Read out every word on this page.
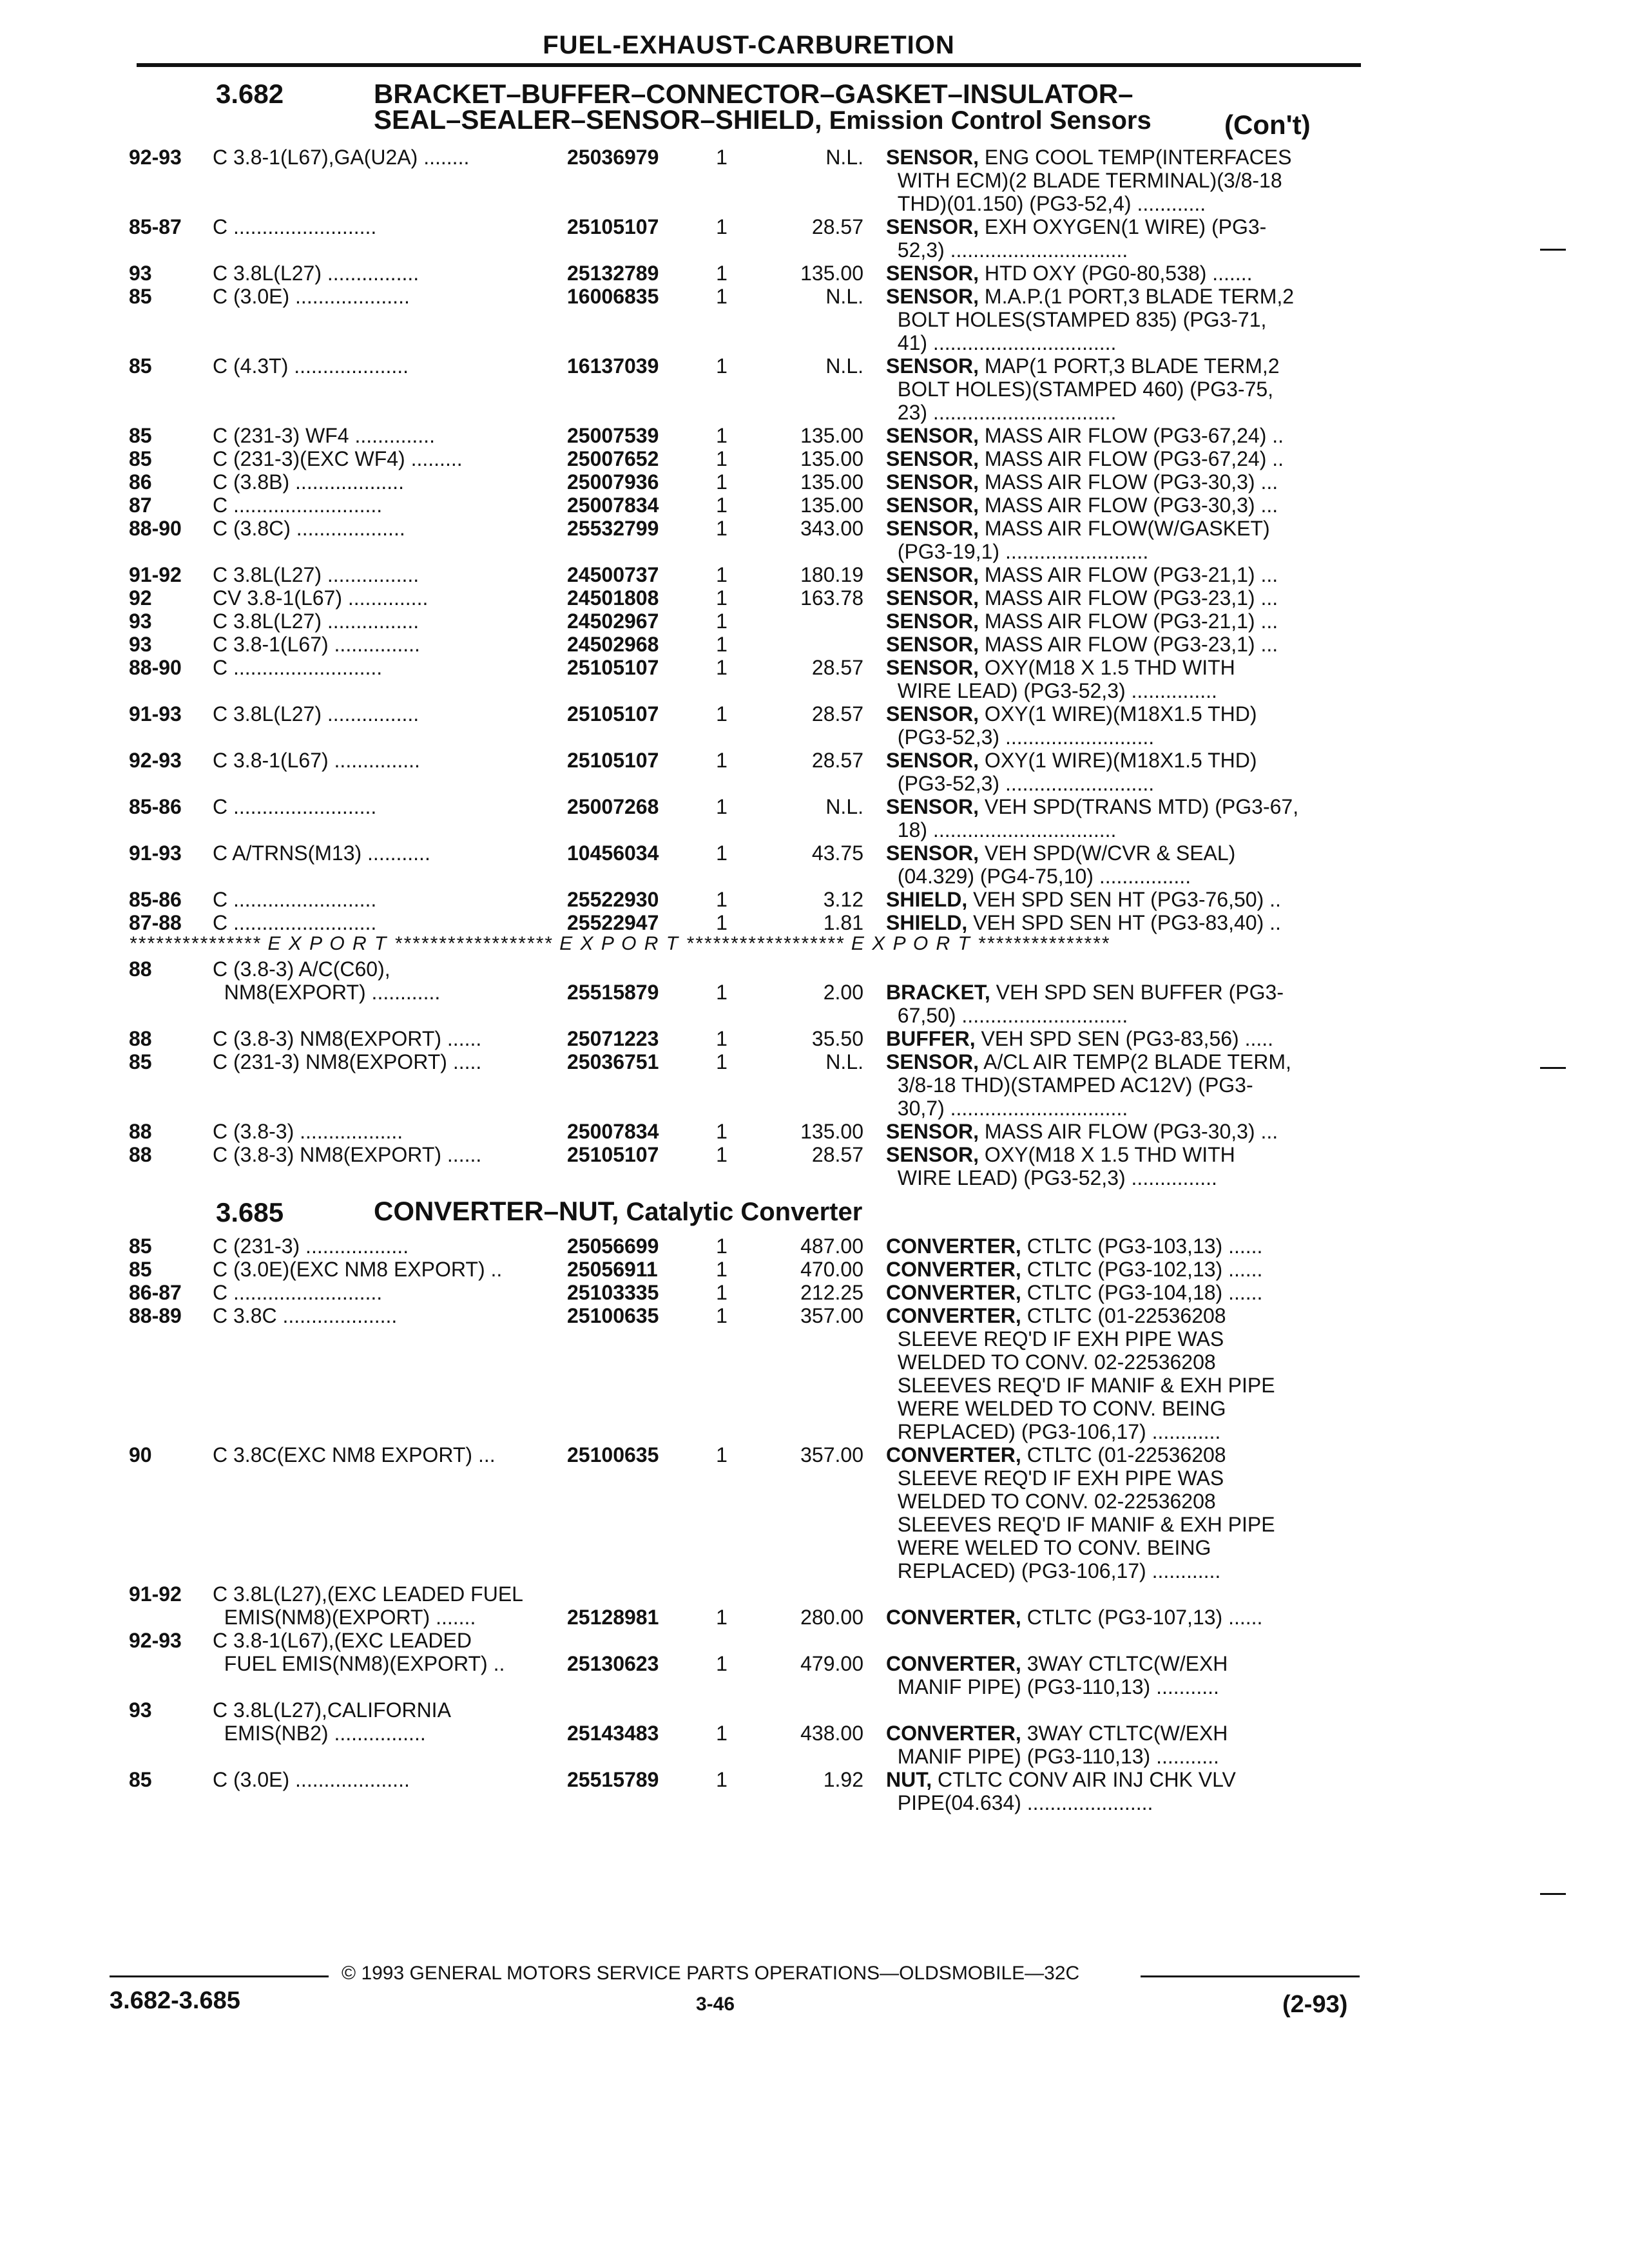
FUEL-EXHAUST-CARBURETION
3.682	BRACKET–BUFFER–CONNECTOR–GASKET–INSULATOR–
SEAL–SEALER–SENSOR–SHIELD, Emission Control Sensors	(Con't)
92-93	C 3.8-1(L67),GA(U2A) ........	25036979	1	N.L. SENSOR, ENG COOL TEMP(INTERFACES
WITH ECM)(2 BLADE TERMINAL)(3/8-18
THD)(01.150) (PG3-52,4) ............
85-87	C .........................	25105107	1	28.57 SENSOR, EXH OXYGEN(1 WIRE) (PG3-
52,3) ...............................
93	C 3.8L(L27) ................	25132789	1	135.00 SENSOR, HTD OXY (PG0-80,538) .......
85	C (3.0E) ....................	16006835	1	N.L. SENSOR, M.A.P.(1 PORT,3 BLADE TERM,2
BOLT HOLES(STAMPED 835) (PG3-71,
41) ................................
85	C (4.3T) ....................	16137039	1	N.L. SENSOR, MAP(1 PORT,3 BLADE TERM,2
BOLT HOLES)(STAMPED 460) (PG3-75,
23) ................................
85	C (231-3) WF4 ..............	25007539	1	135.00 SENSOR, MASS AIR FLOW (PG3-67,24) ..
85	C (231-3)(EXC WF4) .........	25007652	1	135.00 SENSOR, MASS AIR FLOW (PG3-67,24) ..
86	C (3.8B) ...................	25007936	1	135.00 SENSOR, MASS AIR FLOW (PG3-30,3) ...
87	C ..........................	25007834	1	135.00 SENSOR, MASS AIR FLOW (PG3-30,3) ...
88-90	C (3.8C) ...................	25532799	1	343.00 SENSOR, MASS AIR FLOW(W/GASKET)
(PG3-19,1) .........................
91-92	C 3.8L(L27) ................	24500737	1	180.19 SENSOR, MASS AIR FLOW (PG3-21,1) ...
92	CV 3.8-1(L67) ..............	24501808	1	163.78 SENSOR, MASS AIR FLOW (PG3-23,1) ...
93	C 3.8L(L27) ................	24502967	1	SENSOR, MASS AIR FLOW (PG3-21,1) ...
93	C 3.8-1(L67) ...............	24502968	1	SENSOR, MASS AIR FLOW (PG3-23,1) ...
88-90	C ..........................	25105107	1	28.57 SENSOR, OXY(M18 X 1.5 THD WITH
WIRE LEAD) (PG3-52,3) ...............
91-93	C 3.8L(L27) ................	25105107	1	28.57 SENSOR, OXY(1 WIRE)(M18X1.5 THD)
(PG3-52,3) ..........................
92-93	C 3.8-1(L67) ...............	25105107	1	28.57 SENSOR, OXY(1 WIRE)(M18X1.5 THD)
(PG3-52,3) ..........................
85-86	C .........................	25007268	1	N.L. SENSOR, VEH SPD(TRANS MTD) (PG3-67,
18) ................................
91-93	C A/TRNS(M13) ...........	10456034	1	43.75 SENSOR, VEH SPD(W/CVR & SEAL)
(04.329) (PG4-75,10) ................
85-86	C .........................	25522930	1	3.12 SHIELD, VEH SPD SEN HT (PG3-76,50) ..
87-88	C .........................	25522947	1	1.81 SHIELD, VEH SPD SEN HT (PG3-83,40) ..
*************** E X P O R T ****************** E X P O R T ****************** E X P O R T ***************
88	C (3.8-3) A/C(C60),
NM8(EXPORT) ............	25515879	1	2.00 BRACKET, VEH SPD SEN BUFFER (PG3-
67,50) .............................
88	C (3.8-3) NM8(EXPORT) ......	25071223	1	35.50 BUFFER, VEH SPD SEN (PG3-83,56) .....
85	C (231-3) NM8(EXPORT) .....	25036751	1	N.L. SENSOR, A/CL AIR TEMP(2 BLADE TERM,
3/8-18 THD)(STAMPED AC12V) (PG3-
30,7) ...............................
88	C (3.8-3) ..................	25007834	1	135.00 SENSOR, MASS AIR FLOW (PG3-30,3) ...
88	C (3.8-3) NM8(EXPORT) ......	25105107	1	28.57 SENSOR, OXY(M18 X 1.5 THD WITH
WIRE LEAD) (PG3-52,3) ...............
3.685	CONVERTER–NUT, Catalytic Converter
85	C (231-3) ..................	25056699	1	487.00 CONVERTER, CTLTC (PG3-103,13) ......
85	C (3.0E)(EXC NM8 EXPORT) ..	25056911	1	470.00 CONVERTER, CTLTC (PG3-102,13) ......
86-87	C ..........................	25103335	1	212.25 CONVERTER, CTLTC (PG3-104,18) ......
88-89	C 3.8C ....................	25100635	1	357.00 CONVERTER, CTLTC (01-22536208
SLEEVE REQ'D IF EXH PIPE WAS
WELDED TO CONV. 02-22536208
SLEEVES REQ'D IF MANIF & EXH PIPE
WERE WELDED TO CONV. BEING
REPLACED) (PG3-106,17) ............
90	C 3.8C(EXC NM8 EXPORT) ...	25100635	1	357.00 CONVERTER, CTLTC (01-22536208
SLEEVE REQ'D IF EXH PIPE WAS
WELDED TO CONV. 02-22536208
SLEEVES REQ'D IF MANIF & EXH PIPE
WERE WELED TO CONV. BEING
REPLACED) (PG3-106,17) ............
91-92	C 3.8L(L27),(EXC LEADED FUEL
EMIS(NM8)(EXPORT) .......	25128981	1	280.00 CONVERTER, CTLTC (PG3-107,13) ......
92-93	C 3.8-1(L67),(EXC LEADED
FUEL EMIS(NM8)(EXPORT) ..	25130623	1	479.00 CONVERTER, 3WAY CTLTC(W/EXH
MANIF PIPE) (PG3-110,13) ...........
93	C 3.8L(L27),CALIFORNIA
EMIS(NB2) ................	25143483	1	438.00 CONVERTER, 3WAY CTLTC(W/EXH
MANIF PIPE) (PG3-110,13) ...........
85	C (3.0E) ....................	25515789	1	1.92 NUT, CTLTC CONV AIR INJ CHK VLV
PIPE(04.634) ......................
© 1993 GENERAL MOTORS SERVICE PARTS OPERATIONS—OLDSMOBILE—32C
3.682-3.685	3-46	(2-93)
